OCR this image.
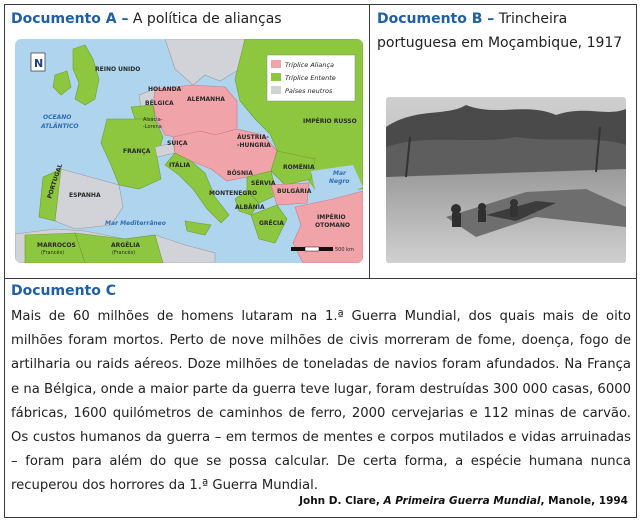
Documento A – A política de alianças
Tríplice Aliança
Tríplice Entente
Países neutros
N	REINO UNIDO
HOLANDA
BÉLGICA
ALEMANHA
IMPÉRIO RUSSO
OCEANO
ATLÂNTICO
Alsácia-
-Lorena
ÁUSTRIA-
-HUNGRIA
FRANÇA
SUIÇA
ITÁLIA	ROMÉNIA
Mar
Negro
PORTUGAL ESPANHA
BÓSNIA
SÉRVIA
BULGÁRIA
MONTENEGRO
ALBÂNIA
IMPÉRIO
OTOMANO
GRÉCIA
Mar Mediterrâneo
MARROCOS
(Francês)
ARGÉLIA
(Francês)	500 km
Documento B – Trincheira portuguesa em Moçambique, 1917
Documento C
Mais de 60 milhões de homens lutaram na 1.ª Guerra Mundial, dos quais mais de oito milhões foram mortos. Perto de nove milhões de civis morreram de fome, doença, fogo de artilharia ou raids aéreos. Doze milhões de toneladas de navios foram afundados. Na França e na Bélgica, onde a maior parte da guerra teve lugar, foram destruídas 300 000 casas, 6000 fábricas, 1600 quilómetros de caminhos de ferro, 2000 cervejarias e 112 minas de carvão. Os custos humanos da guerra – em termos de mentes e corpos mutilados e vidas arruinadas – foram para além do que se possa calcular. De certa forma, a espécie humana nunca recuperou dos horrores da 1.ª Guerra Mundial.
John D. Clare, A Primeira Guerra Mundial, Manole, 1994
